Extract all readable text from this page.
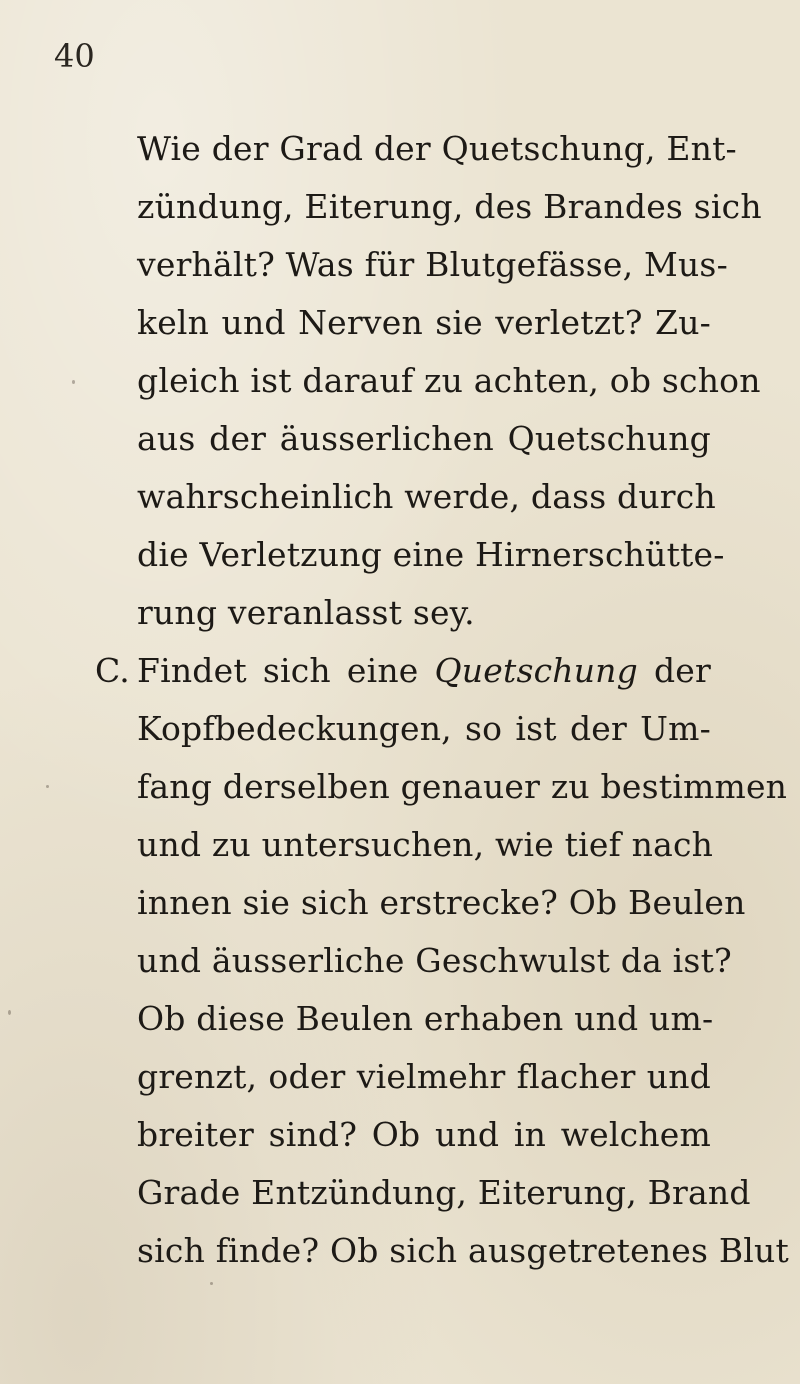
40
Wie der Grad der Quetschung, Ent-
zündung, Eiterung, des Brandes sich
verhält? Was für Blutgefässe, Mus-
keln und Nerven sie verletzt? Zu-
gleich ist darauf zu achten, ob schon
aus der äusserlichen Quetschung
wahrscheinlich werde, dass durch
die Verletzung eine Hirnerschütte-
rung veranlasst sey.
C. Findet sich eine Quetschung der
Kopfbedeckungen, so ist der Um-
fang derselben genauer zu bestimmen
und zu untersuchen, wie tief nach
innen sie sich erstrecke? Ob Beulen
und äusserliche Geschwulst da ist?
Ob diese Beulen erhaben und um-
grenzt, oder vielmehr flacher und
breiter sind? Ob und in welchem
Grade Entzündung, Eiterung, Brand
sich finde? Ob sich ausgetretenes Blut
